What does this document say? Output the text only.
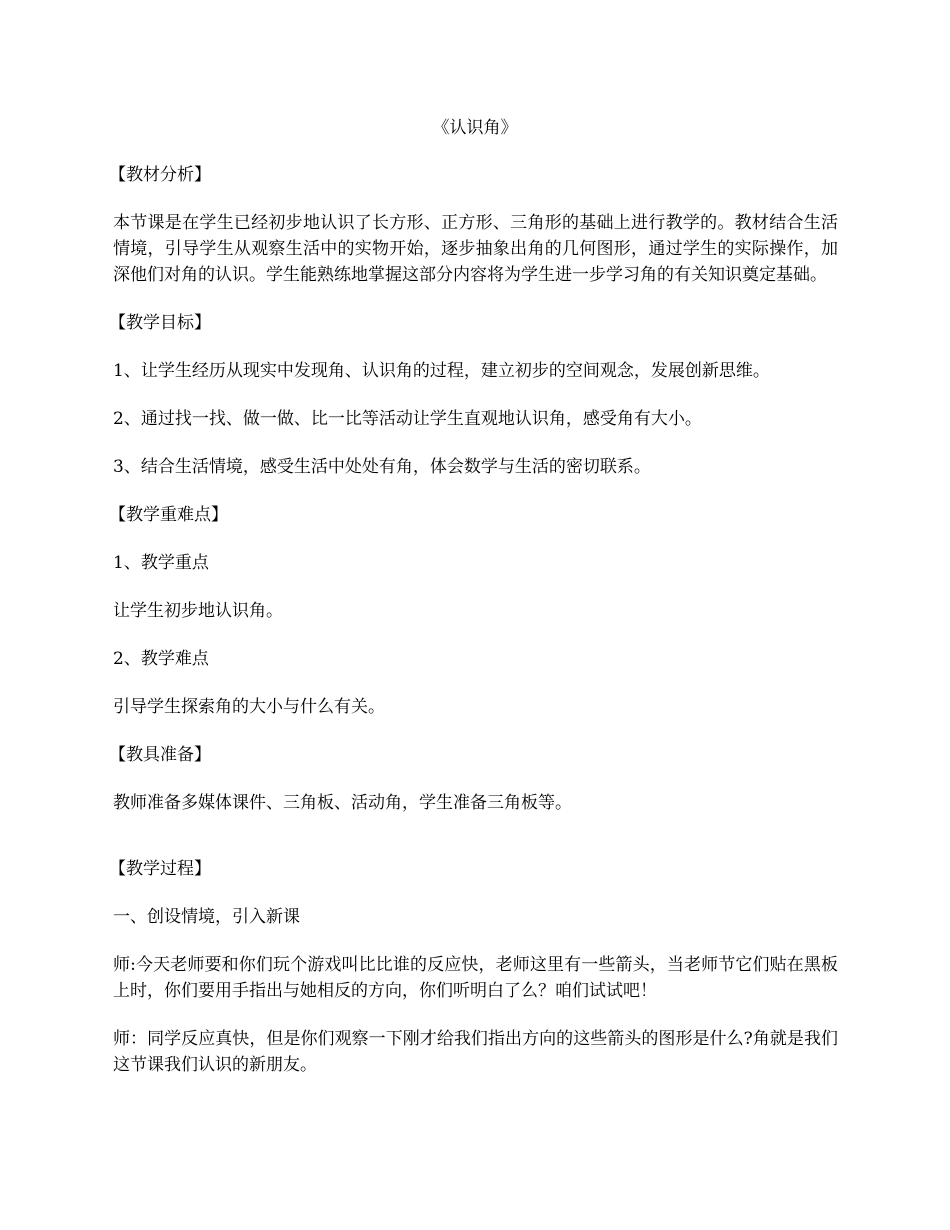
《认识角》

【教材分析】

本节课是在学生已经初步地认识了长方形、正方形、三角形的基础上进行教学的。教材结合生活情境，引导学生从观察生活中的实物开始，逐步抽象出角的几何图形，通过学生的实际操作，加深他们对角的认识。学生能熟练地掌握这部分内容将为学生进一步学习角的有关知识奠定基础。

【教学目标】

1、让学生经历从现实中发现角、认识角的过程，建立初步的空间观念，发展创新思维。

2、通过找一找、做一做、比一比等活动让学生直观地认识角，感受角有大小。

3、结合生活情境，感受生活中处处有角，体会数学与生活的密切联系。

【教学重难点】

1、教学重点

让学生初步地认识角。

2、教学难点

引导学生探索角的大小与什么有关。

【教具准备】

教师准备多媒体课件、三角板、活动角，学生准备三角板等。

【教学过程】

一、创设情境，引入新课

师:今天老师要和你们玩个游戏叫比比谁的反应快，老师这里有一些箭头，当老师节它们贴在黑板上时，你们要用手指出与她相反的方向，你们听明白了么？咱们试试吧！

师：同学反应真快，但是你们观察一下刚才给我们指出方向的这些箭头的图形是什么?角就是我们这节课我们认识的新朋友。
